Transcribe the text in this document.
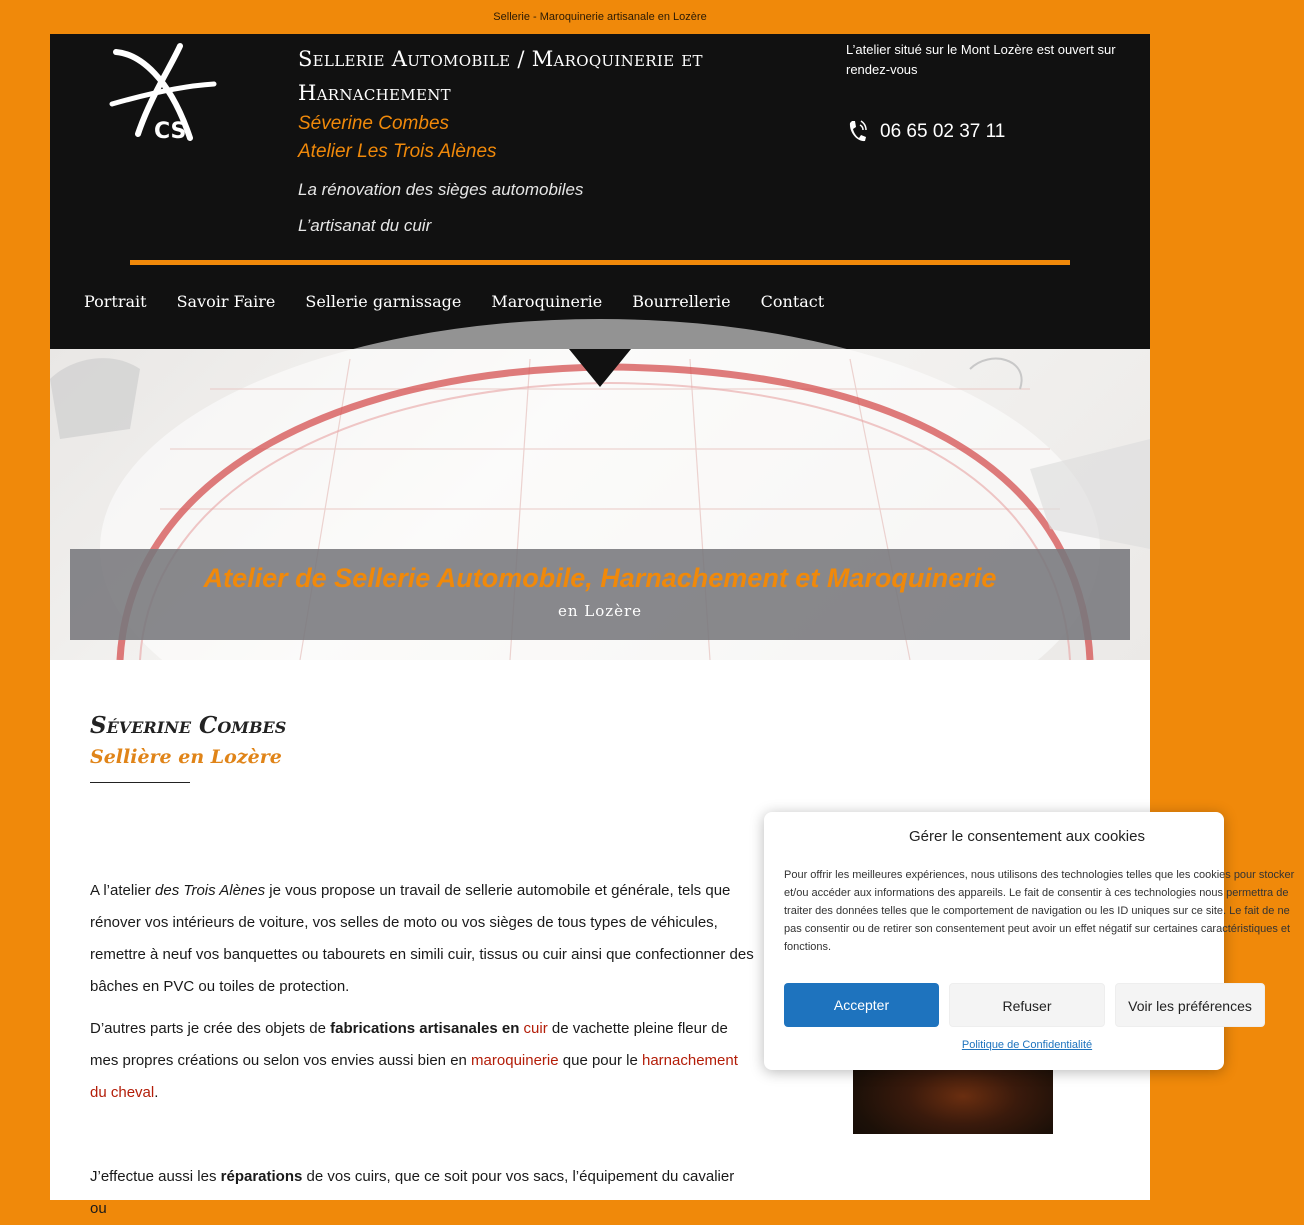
Sellerie - Maroquinerie artisanale en Lozère
CS
Sellerie Automobile / Maroquinerie et
Harnachement
Séverine Combes
Atelier Les Trois Alènes
La rénovation des sièges automobiles
L’artisanat du cuir
L’atelier situé sur le Mont Lozère est ouvert sur rendez-vous
06 65 02 37 11
Portrait Savoir Faire Sellerie garnissage Maroquinerie Bourrellerie Contact
Atelier de Sellerie Automobile, Harnachement et Maroquinerie
en Lozère
Séverine Combes
Sellière en Lozère

A l’atelier des Trois Alènes je vous propose un travail de sellerie automobile et générale, tels que rénover vos intérieurs de voiture, vos selles de moto ou vos sièges de tous types de véhicules, remettre à neuf vos banquettes ou tabourets en simili cuir, tissus ou cuir ainsi que confectionner des bâches en PVC ou toiles de protection.

D’autres parts je crée des objets de fabrications artisanales en cuir de vachette pleine fleur de mes propres créations ou selon vos envies aussi bien en maroquinerie que pour le harnachement du cheval.

J’effectue aussi les réparations de vos cuirs, que ce soit pour vos sacs, l’équipement du cavalier ou

Gérer le consentement aux cookies
Pour offrir les meilleures expériences, nous utilisons des technologies telles que les cookies pour stocker et/ou accéder aux informations des appareils. Le fait de consentir à ces technologies nous permettra de traiter des données telles que le comportement de navigation ou les ID uniques sur ce site. Le fait de ne pas consentir ou de retirer son consentement peut avoir un effet négatif sur certaines caractéristiques et fonctions.
Accepter	Refuser	Voir les préférences
Politique de Confidentialité
